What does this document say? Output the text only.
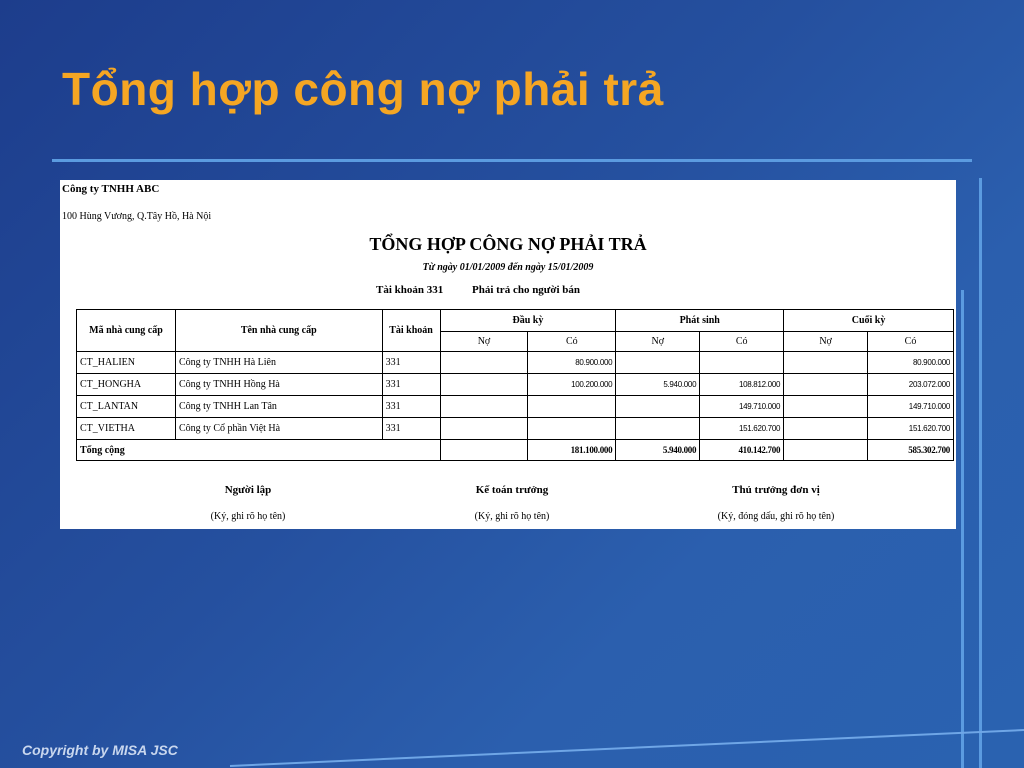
Tổng hợp công nợ phải trả
Công ty TNHH ABC
100 Hùng Vương, Q.Tây Hồ, Hà Nội
TỔNG HỢP CÔNG NỢ PHẢI TRẢ
Từ ngày 01/01/2009 đến ngày 15/01/2009
Tài khoản 331	Phải trả cho người bán
Mã nhà cung cấp	Tên nhà cung cấp	Tài khoản	Đầu kỳ		Phát sinh		Cuối kỳ	
			Nợ	Có	Nợ	Có	Nợ	Có
CT_HALIEN	Công ty TNHH Hà Liên	331		80.900.000				80.900.000
CT_HONGHA	Công ty TNHH Hồng Hà	331		100.200.000	5.940.000	108.812.000		203.072.000
CT_LANTAN	Công ty TNHH Lan Tân	331				149.710.000		149.710.000
CT_VIETHA	Công ty Cổ phần Việt Hà	331				151.620.700		151.620.700
Tổng cộng				181.100.000	5.940.000	410.142.700		585.302.700
Người lập
(Ký, ghi rõ họ tên)
Kế toán trưởng
(Ký, ghi rõ họ tên)
Thủ trưởng đơn vị
(Ký, đóng dấu, ghi rõ họ tên)
Copyright by MISA JSC
